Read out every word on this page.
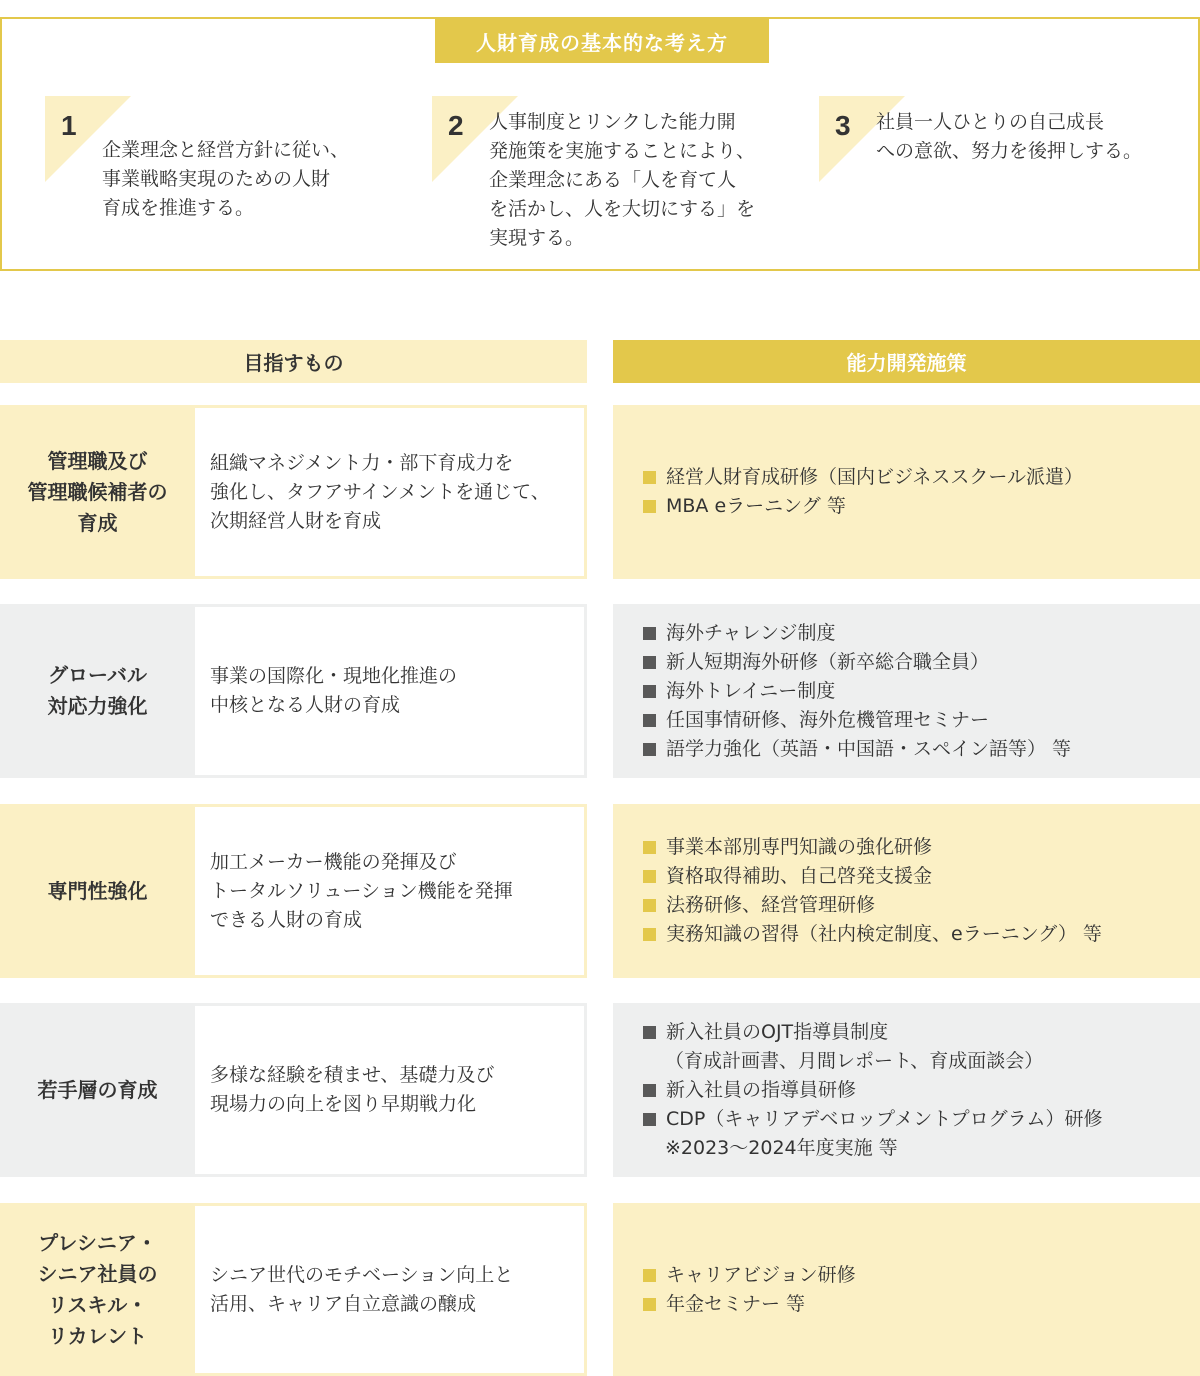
人財育成の基本的な考え方
1
企業理念と経営方針に従い、
事業戦略実現のための人財
育成を推進する。
2 人事制度とリンクした能力開
発施策を実施することにより、
企業理念にある「人を育て人
を活かし、人を大切にする」を
実現する。
3 社員一人ひとりの自己成長
への意欲、努力を後押しする。
目指すもの	能力開発施策
管理職及び
管理職候補者の
育成
組織マネジメント力・部下育成力を
強化し、タフアサインメントを通じて、
次期経営人財を育成
経営人財育成研修（国内ビジネススクール派遣）
MBA eラーニング 等
グローバル
対応力強化
事業の国際化・現地化推進の
中核となる人財の育成
海外チャレンジ制度
新人短期海外研修（新卒総合職全員）
海外トレイニー制度
任国事情研修、海外危機管理セミナー
語学力強化（英語・中国語・スペイン語等） 等
専門性強化
加工メーカー機能の発揮及び
トータルソリューション機能を発揮
できる人財の育成
事業本部別専門知識の強化研修
資格取得補助、自己啓発支援金
法務研修、経営管理研修
実務知識の習得（社内検定制度、eラーニング） 等
若手層の育成
多様な経験を積ませ、基礎力及び
現場力の向上を図り早期戦力化
新入社員のOJT指導員制度
（育成計画書、月間レポート、育成面談会）
新入社員の指導員研修
CDP（キャリアデベロップメントプログラム）研修
※2023～2024年度実施 等
プレシニア・
シニア社員の
リスキル・
リカレント
シニア世代のモチベーション向上と
活用、キャリア自立意識の醸成
キャリアビジョン研修
年金セミナー 等
